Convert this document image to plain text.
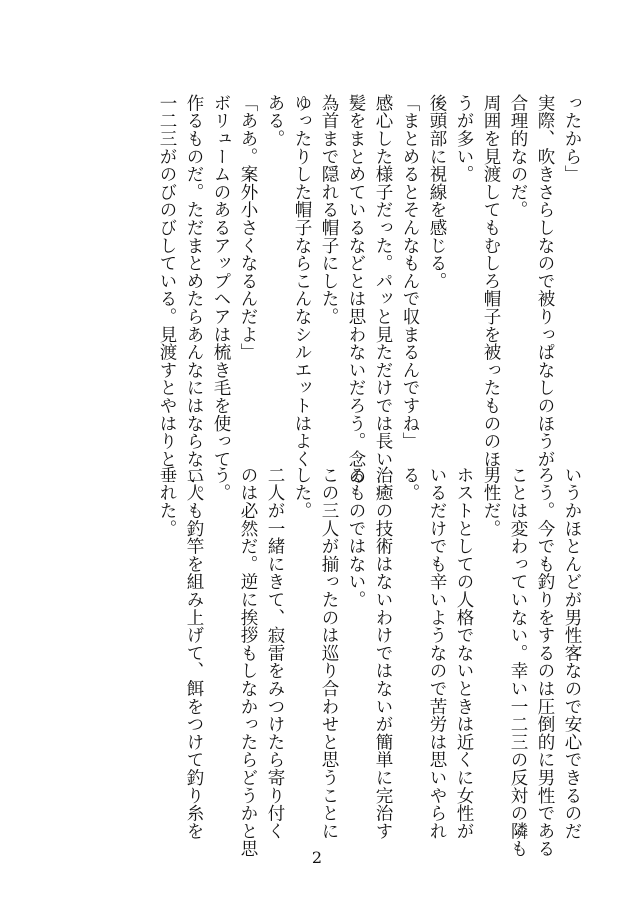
ったから」
実際、吹きさらしなので被りっぱなしのほうが
合理的なのだ。
周囲を見渡してもむしろ帽子を被ったもののほ
うが多い。
後頭部に視線を感じる。
「まとめるとそんなもんで収まるんですね」
感心した様子だった。パッと見ただけでは長い
髪をまとめているなどとは思わないだろう。念の
為首まで隠れる帽子にした。
ゆったりした帽子ならこんなシルエットはよく
ある。
「ああ。案外小さくなるんだよ」
ボリュームのあるアップヘアは梳き毛を使って
作るものだ。ただまとめたらあんなにはならない。
一二三がのびのびしている。見渡すとやはりと
いうかほとんどが男性客なので安心できるのだ
ろう。今でも釣りをするのは圧倒的に男性である
ことは変わっていない。幸い一二三の反対の隣も
男性だ。
ホストとしての人格でないときは近くに女性が
いるだけでも辛いようなので苦労は思いやられ
る。
治癒の技術はないわけではないが簡単に完治す
るものではない。
この三人が揃ったのは巡り合わせと思うことに
した。
二人が一緒にきて、寂雷をみつけたら寄り付く
のは必然だ。逆に挨拶もしなかったらどうかと思
う。
二人も釣竿を組み上げて、餌をつけて釣り糸を
垂れた。
2
